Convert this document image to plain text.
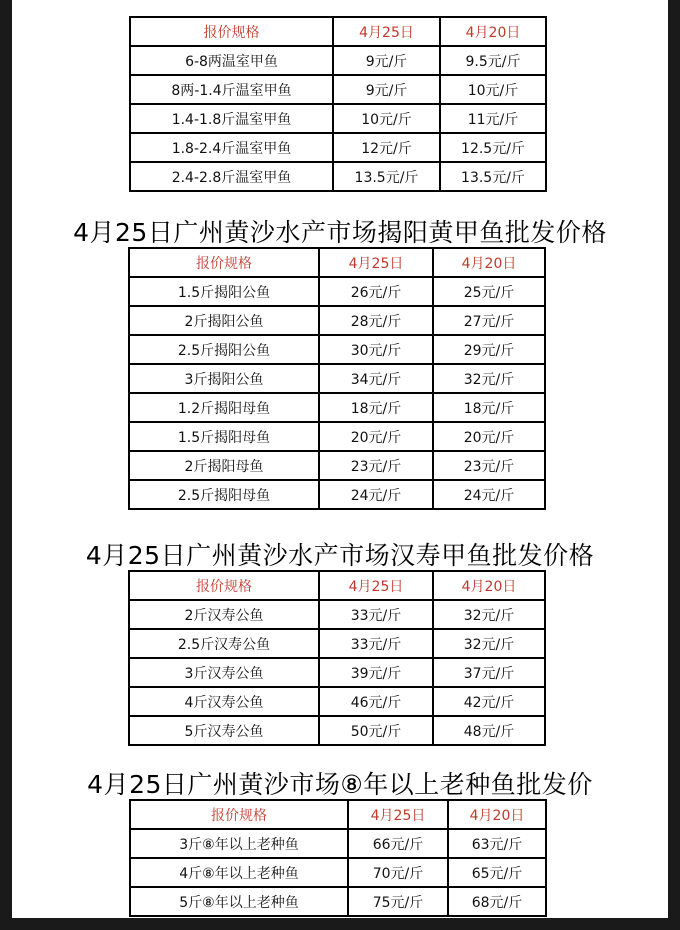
报价规格	4月25日	4月20日
6-8两温室甲鱼	9元/斤	9.5元/斤
8两-1.4斤温室甲鱼	9元/斤	10元/斤
1.4-1.8斤温室甲鱼	10元/斤	11元/斤
1.8-2.4斤温室甲鱼	12元/斤	12.5元/斤
2.4-2.8斤温室甲鱼	13.5元/斤	13.5元/斤
4月25日广州黄沙水产市场揭阳黄甲鱼批发价格
报价规格	4月25日	4月20日
1.5斤揭阳公鱼	26元/斤	25元/斤
2斤揭阳公鱼	28元/斤	27元/斤
2.5斤揭阳公鱼	30元/斤	29元/斤
3斤揭阳公鱼	34元/斤	32元/斤
1.2斤揭阳母鱼	18元/斤	18元/斤
1.5斤揭阳母鱼	20元/斤	20元/斤
2斤揭阳母鱼	23元/斤	23元/斤
2.5斤揭阳母鱼	24元/斤	24元/斤
4月25日广州黄沙水产市场汉寿甲鱼批发价格
报价规格	4月25日	4月20日
2斤汉寿公鱼	33元/斤	32元/斤
2.5斤汉寿公鱼	33元/斤	32元/斤
3斤汉寿公鱼	39元/斤	37元/斤
4斤汉寿公鱼	46元/斤	42元/斤
5斤汉寿公鱼	50元/斤	48元/斤
4月25日广州黄沙市场⑧年以上老种鱼批发价
报价规格	4月25日	4月20日
3斤⑧年以上老种鱼	66元/斤	63元/斤
4斤⑧年以上老种鱼	70元/斤	65元/斤
5斤⑧年以上老种鱼	75元/斤	68元/斤
